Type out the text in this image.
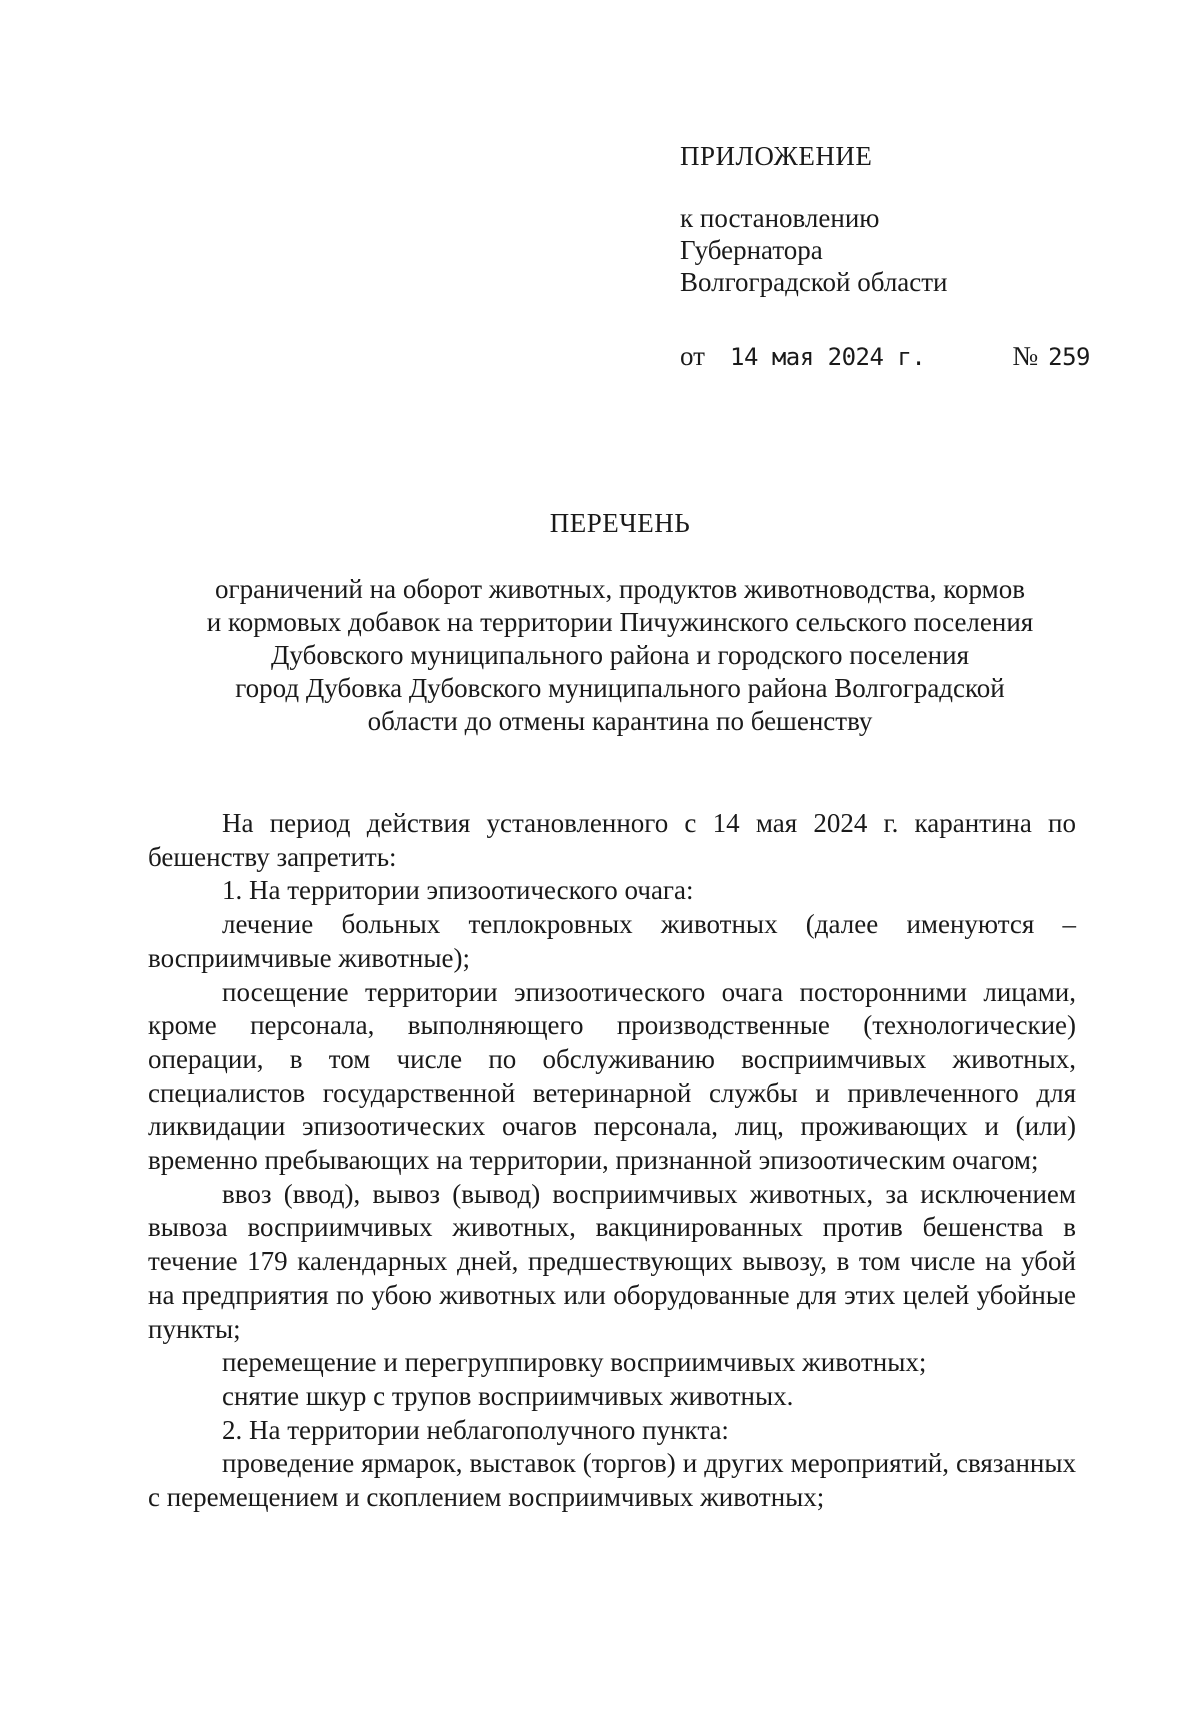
ПРИЛОЖЕНИЕ
к постановлению
Губернатора
Волгоградской области
от 14 мая 2024 г.	№ 259
ПЕРЕЧЕНЬ
ограничений на оборот животных, продуктов животноводства, кормов
и кормовых добавок на территории Пичужинского сельского поселения
Дубовского муниципального района и городского поселения
город Дубовка Дубовского муниципального района Волгоградской
области до отмены карантина по бешенству

На период действия установленного с 14 мая 2024 г. карантина по бешенству запретить:

1. На территории эпизоотического очага:

лечение больных теплокровных животных (далее именуются – восприимчивые животные);

посещение территории эпизоотического очага посторонними лицами, кроме персонала, выполняющего производственные (технологические) операции, в том числе по обслуживанию восприимчивых животных, специалистов государственной ветеринарной службы и привлеченного для ликвидации эпизоотических очагов персонала, лиц, проживающих и (или) временно пребывающих на территории, признанной эпизоотическим очагом;

ввоз (ввод), вывоз (вывод) восприимчивых животных, за исключением вывоза восприимчивых животных, вакцинированных против бешенства в течение 179 календарных дней, предшествующих вывозу, в том числе на убой на предприятия по убою животных или оборудованные для этих целей убойные пункты;

перемещение и перегруппировку восприимчивых животных;

снятие шкур с трупов восприимчивых животных.

2. На территории неблагополучного пункта:

проведение ярмарок, выставок (торгов) и других мероприятий, связанных с перемещением и скоплением восприимчивых животных;
